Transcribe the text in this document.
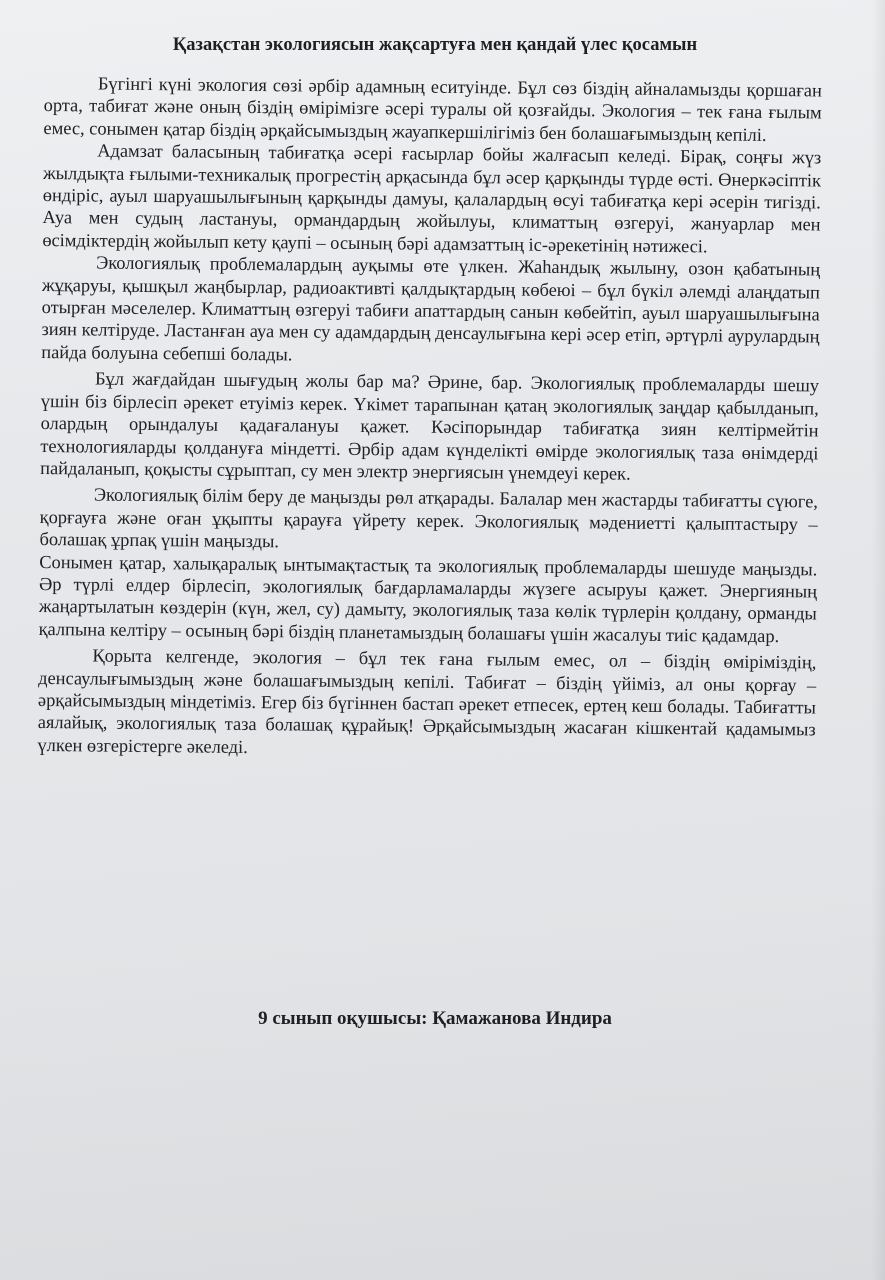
Қазақстан экологиясын жақсартуға мен қандай үлес қосамын

Бүгінгі күні экология сөзі әрбір адамның еситуінде. Бұл сөз біздің айналамызды қоршаған орта, табиғат және оның біздің өмірімізге әсері туралы ой қозғайды. Экология – тек ғана ғылым емес, сонымен қатар біздің әрқайсымыздың жауапкершілігіміз бен болашағымыздың кепілі.

Адамзат баласының табиғатқа әсері ғасырлар бойы жалғасып келеді. Бірақ, соңғы жүз жылдықта ғылыми-техникалық прогрестің арқасында бұл әсер қарқынды түрде өсті. Өнеркәсіптік өндіріс, ауыл шаруашылығының қарқынды дамуы, қалалардың өсуі табиғатқа кері әсерін тигізді. Ауа мен судың ластануы, ормандардың жойылуы, климаттың өзгеруі, жануарлар мен өсімдіктердің жойылып кету қаупі – осының бәрі адамзаттың іс-әрекетінің нәтижесі.

Экологиялық проблемалардың ауқымы өте үлкен. Жаһандық жылыну, озон қабатының жұқаруы, қышқыл жаңбырлар, радиоактивті қалдықтардың көбеюі – бұл бүкіл әлемді алаңдатып отырған мәселелер. Климаттың өзгеруі табиғи апаттардың санын көбейтіп, ауыл шаруашылығына зиян келтіруде. Ластанған ауа мен су адамдардың денсаулығына кері әсер етіп, әртүрлі аурулардың пайда болуына себепші болады.

Бұл жағдайдан шығудың жолы бар ма? Әрине, бар. Экологиялық проблемаларды шешу үшін біз бірлесіп әрекет етуіміз керек. Үкімет тарапынан қатаң экологиялық заңдар қабылданып, олардың орындалуы қадағалануы қажет. Кәсіпорындар табиғатқа зиян келтірмейтін технологияларды қолдануға міндетті. Әрбір адам күнделікті өмірде экологиялық таза өнімдерді пайдаланып, қоқысты сұрыптап, су мен электр энергиясын үнемдеуі керек.

Экологиялық білім беру де маңызды рөл атқарады. Балалар мен жастарды табиғатты сүюге, қорғауға және оған ұқыпты қарауға үйрету керек. Экологиялық мәдениетті қалыптастыру – болашақ ұрпақ үшін маңызды.

Сонымен қатар, халықаралық ынтымақтастық та экологиялық проблемаларды шешуде маңызды. Әр түрлі елдер бірлесіп, экологиялық бағдарламаларды жүзеге асыруы қажет. Энергияның жаңартылатын көздерін (күн, жел, су) дамыту, экологиялық таза көлік түрлерін қолдану, орманды қалпына келтіру – осының бәрі біздің планетамыздың болашағы үшін жасалуы тиіс қадамдар.

Қорыта келгенде, экология – бұл тек ғана ғылым емес, ол – біздің өміріміздің, денсаулығымыздың және болашағымыздың кепілі. Табиғат – біздің үйіміз, ал оны қорғау – әрқайсымыздың міндетіміз. Егер біз бүгіннен бастап әрекет етпесек, ертең кеш болады. Табиғатты аялайық, экологиялық таза болашақ құрайық! Әрқайсымыздың жасаған кішкентай қадамымыз үлкен өзгерістерге әкеледі.

9 сынып оқушысы: Қамажанова Индира
